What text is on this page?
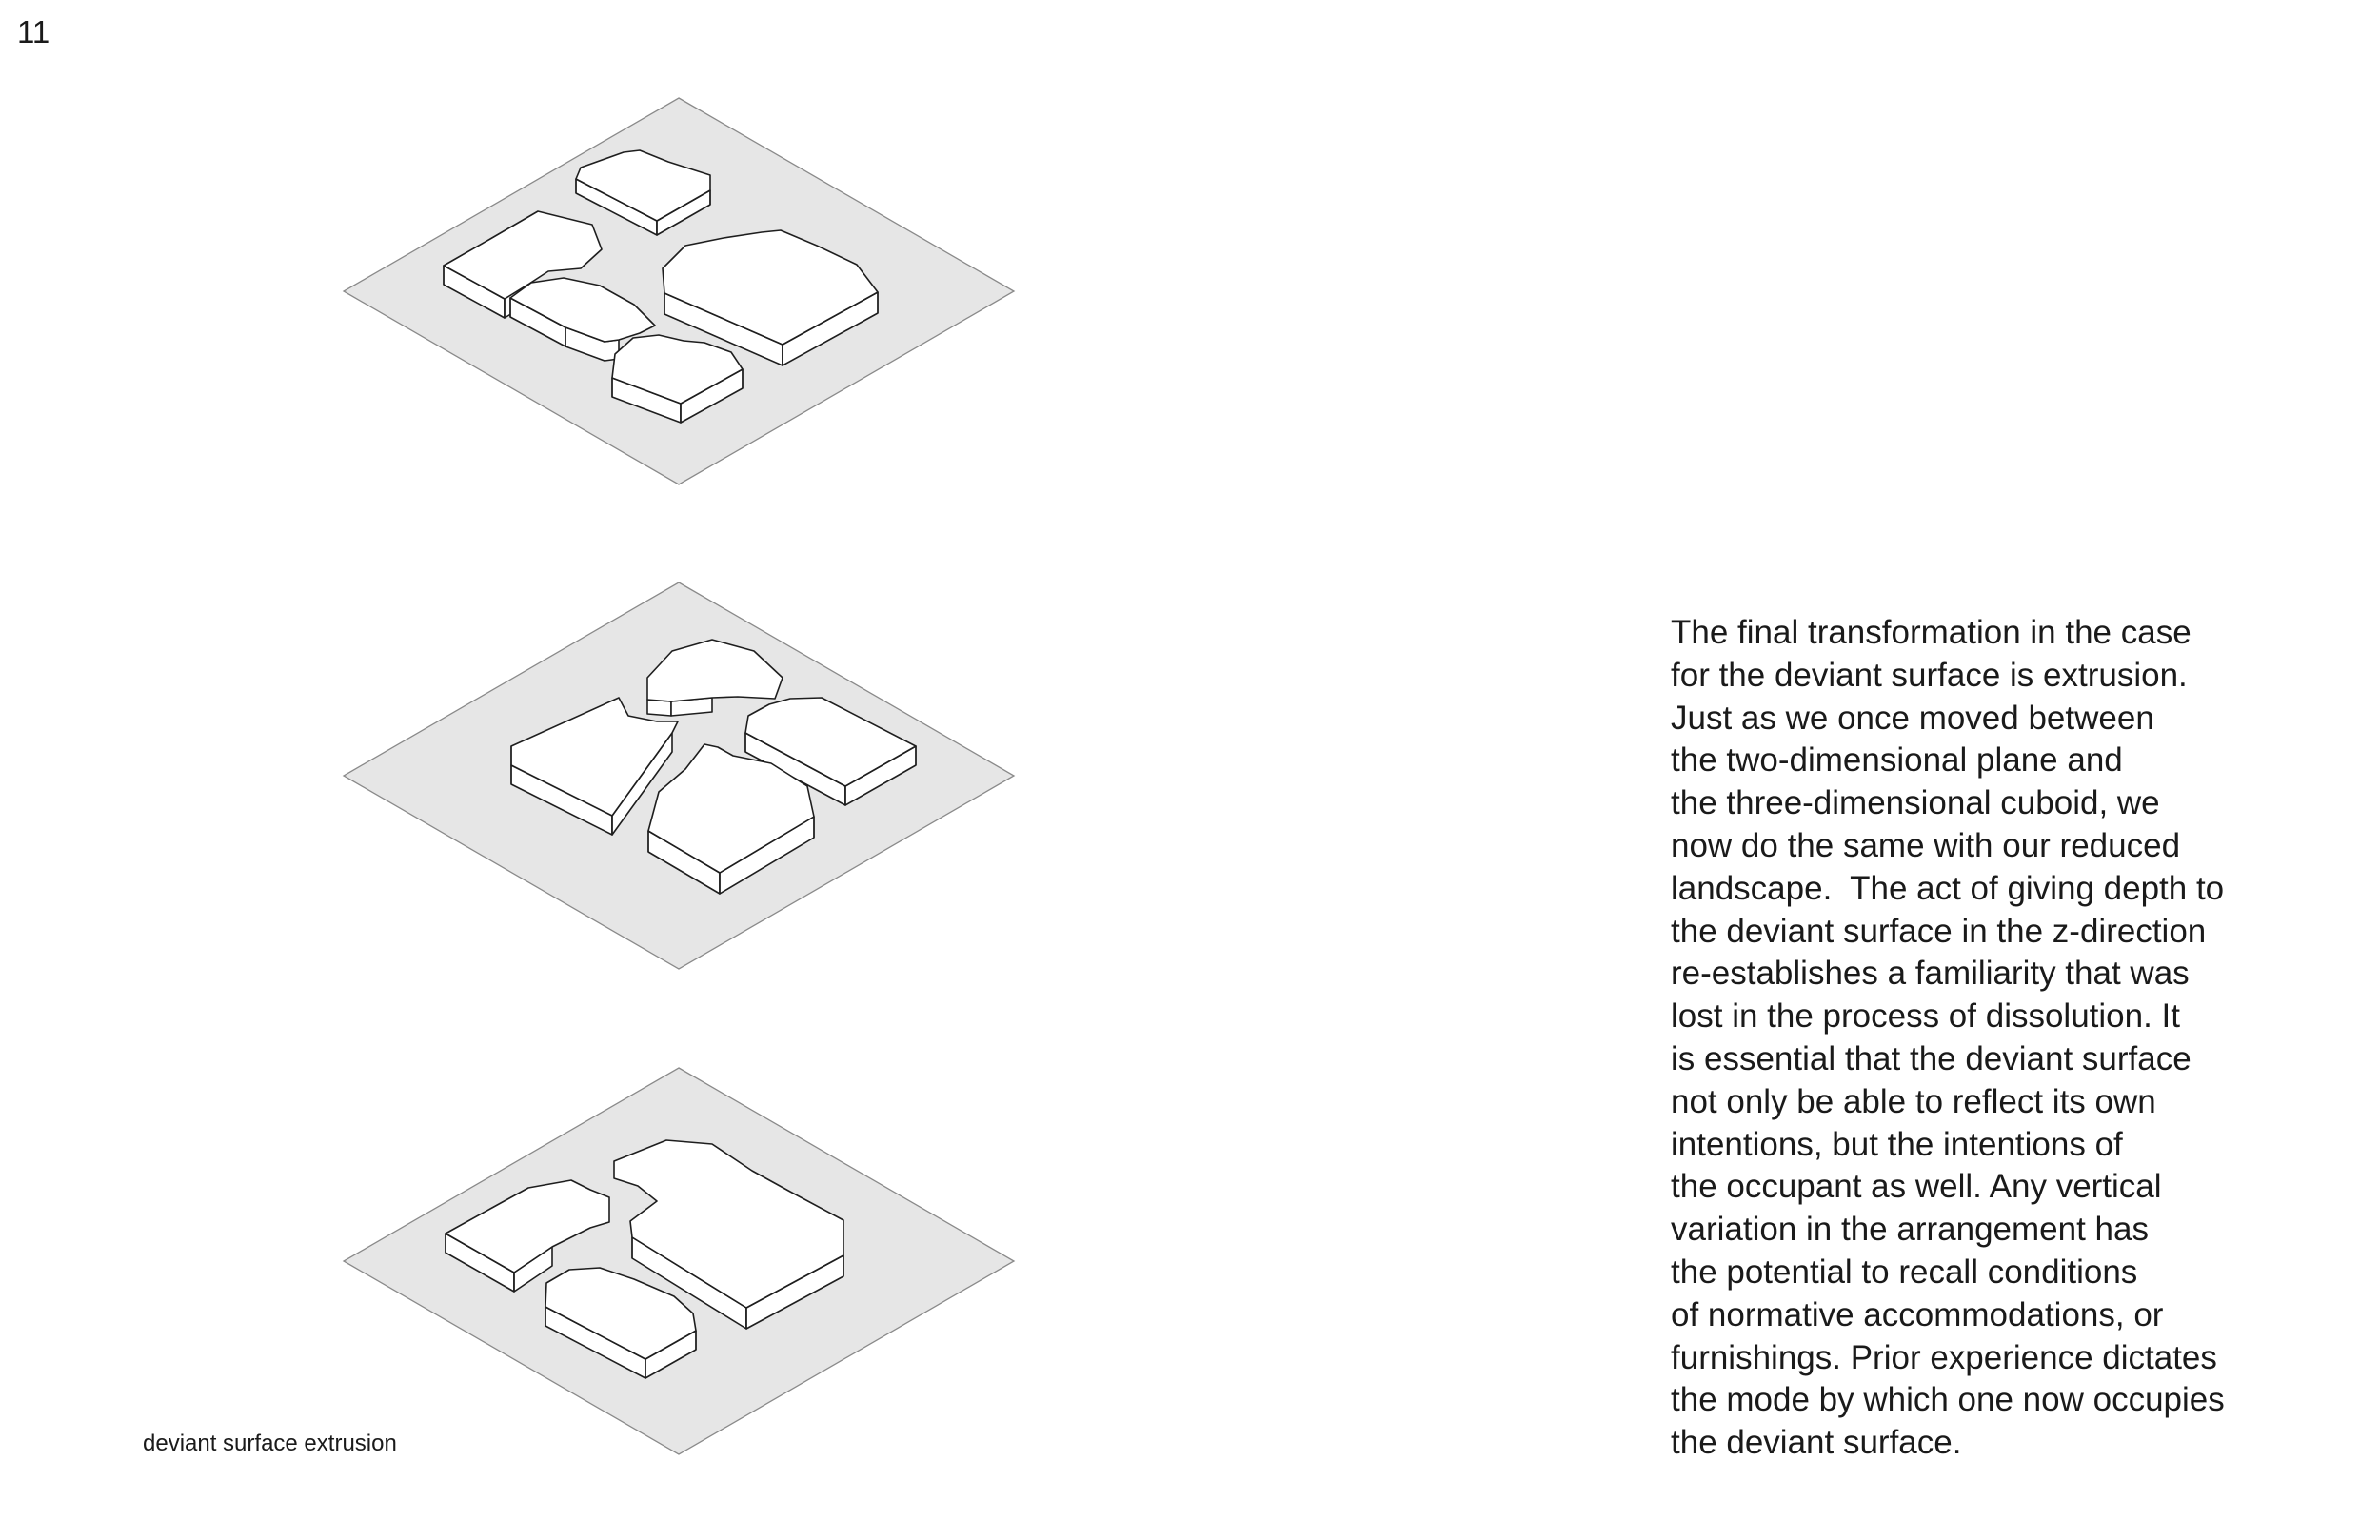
11
deviant surface extrusion
The final transformation in the case
for the deviant surface is extrusion.
Just as we once moved between
the two-dimensional plane and
the three-dimensional cuboid, we
now do the same with our reduced
landscape.  The act of giving depth to
the deviant surface in the z-direction
re-establishes a familiarity that was
lost in the process of dissolution. It
is essential that the deviant surface
not only be able to reflect its own
intentions, but the intentions of
the occupant as well. Any vertical
variation in the arrangement has
the potential to recall conditions
of normative accommodations, or
furnishings. Prior experience dictates
the mode by which one now occupies
the deviant surface.
